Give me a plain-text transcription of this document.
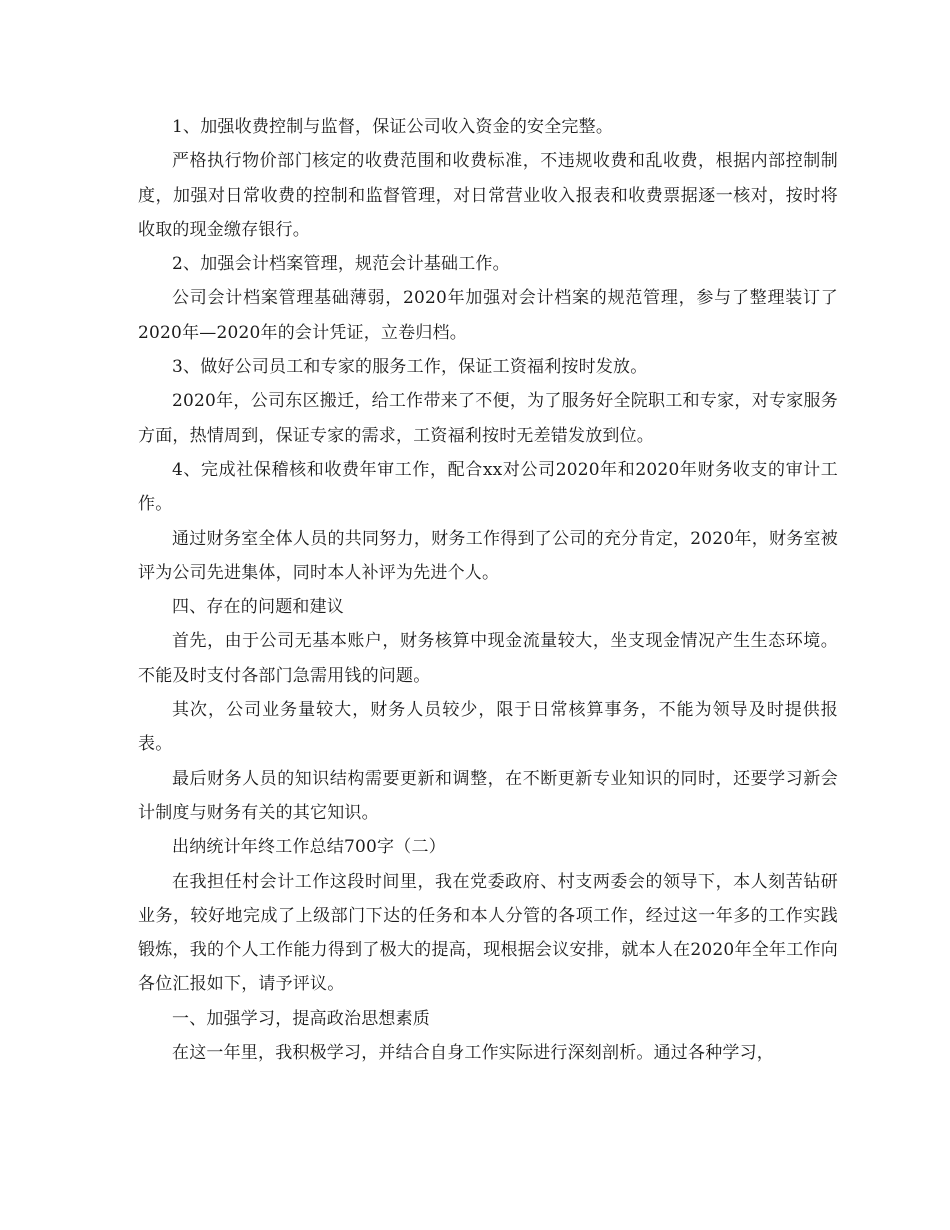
1、加强收费控制与监督，保证公司收入资金的安全完整。

严格执行物价部门核定的收费范围和收费标准，不违规收费和乱收费，根据内部控制制度，加强对日常收费的控制和监督管理，对日常营业收入报表和收费票据逐一核对，按时将收取的现金缴存银行。

2、加强会计档案管理，规范会计基础工作。

公司会计档案管理基础薄弱，2020年加强对会计档案的规范管理，参与了整理装订了2020年—2020年的会计凭证，立卷归档。

3、做好公司员工和专家的服务工作，保证工资福利按时发放。

2020年，公司东区搬迁，给工作带来了不便，为了服务好全院职工和专家，对专家服务方面，热情周到，保证专家的需求，工资福利按时无差错发放到位。

4、完成社保稽核和收费年审工作，配合xx对公司2020年和2020年财务收支的审计工作。

通过财务室全体人员的共同努力，财务工作得到了公司的充分肯定，2020年，财务室被评为公司先进集体，同时本人补评为先进个人。

四、存在的问题和建议

首先，由于公司无基本账户，财务核算中现金流量较大，坐支现金情况产生生态环境。不能及时支付各部门急需用钱的问题。

其次，公司业务量较大，财务人员较少，限于日常核算事务，不能为领导及时提供报表。

最后财务人员的知识结构需要更新和调整，在不断更新专业知识的同时，还要学习新会计制度与财务有关的其它知识。

出纳统计年终工作总结700字（二）

在我担任村会计工作这段时间里，我在党委政府、村支两委会的领导下，本人刻苦钻研业务，较好地完成了上级部门下达的任务和本人分管的各项工作，经过这一年多的工作实践锻炼，我的个人工作能力得到了极大的提高，现根据会议安排，就本人在2020年全年工作向各位汇报如下，请予评议。

一、加强学习，提高政治思想素质

在这一年里，我积极学习，并结合自身工作实际进行深刻剖析。通过各种学习，
